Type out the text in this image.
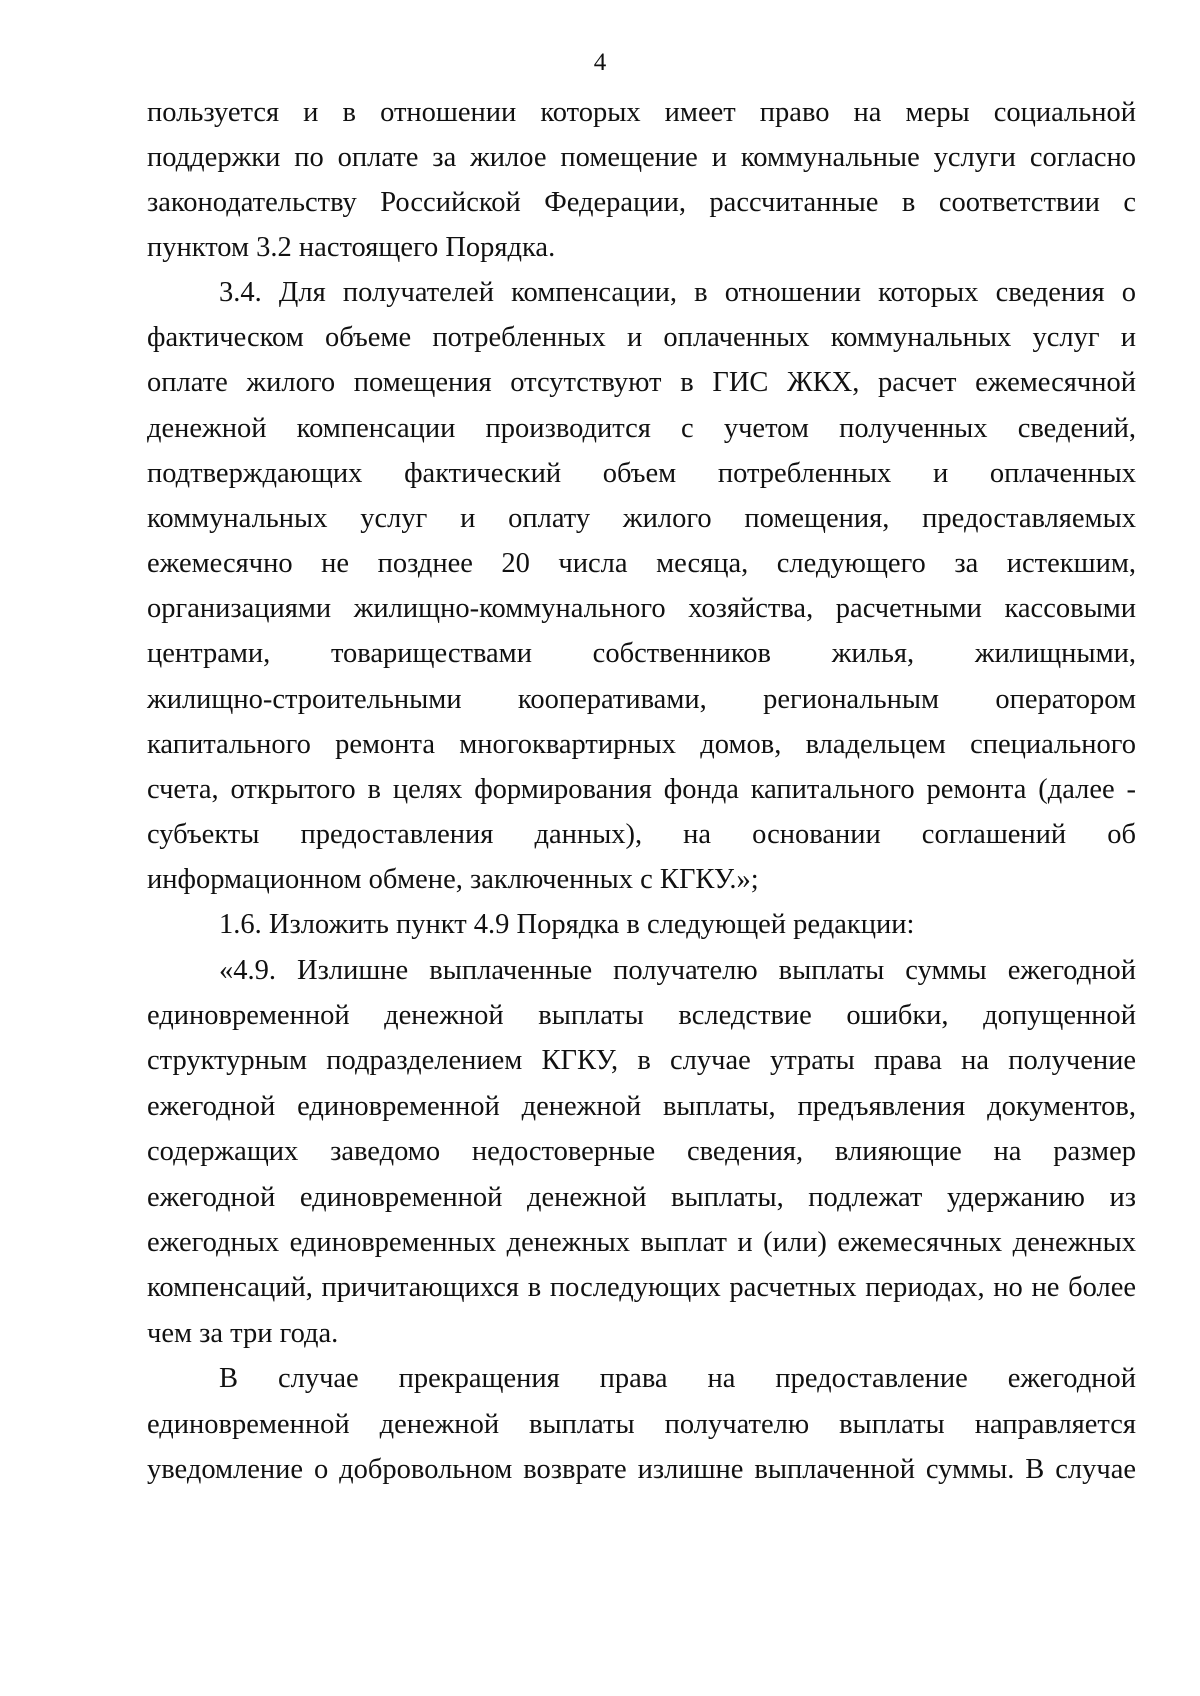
4
пользуется и в отношении которых имеет право на меры социальной
поддержки по оплате за жилое помещение и коммунальные услуги согласно
законодательству Российской Федерации, рассчитанные в соответствии с
пунктом 3.2 настоящего Порядка.
3.4. Для получателей компенсации, в отношении которых сведения о
фактическом объеме потребленных и оплаченных коммунальных услуг и
оплате жилого помещения отсутствуют в ГИС ЖКХ, расчет ежемесячной
денежной компенсации производится с учетом полученных сведений,
подтверждающих фактический объем потребленных и оплаченных
коммунальных услуг и оплату жилого помещения, предоставляемых
ежемесячно не позднее 20 числа месяца, следующего за истекшим,
организациями жилищно-коммунального хозяйства, расчетными кассовыми
центрами, товариществами собственников жилья, жилищными,
жилищно-строительными кооперативами, региональным оператором
капитального ремонта многоквартирных домов, владельцем специального
счета, открытого в целях формирования фонда капитального ремонта (далее -
субъекты предоставления данных), на основании соглашений об
информационном обмене, заключенных с КГКУ.»;
1.6. Изложить пункт 4.9 Порядка в следующей редакции:
«4.9. Излишне выплаченные получателю выплаты суммы ежегодной
единовременной денежной выплаты вследствие ошибки, допущенной
структурным подразделением КГКУ, в случае утраты права на получение
ежегодной единовременной денежной выплаты, предъявления документов,
содержащих заведомо недостоверные сведения, влияющие на размер
ежегодной единовременной денежной выплаты, подлежат удержанию из
ежегодных единовременных денежных выплат и (или) ежемесячных денежных
компенсаций, причитающихся в последующих расчетных периодах, но не более
чем за три года.
В случае прекращения права на предоставление ежегодной
единовременной денежной выплаты получателю выплаты направляется
уведомление о добровольном возврате излишне выплаченной суммы. В случае
